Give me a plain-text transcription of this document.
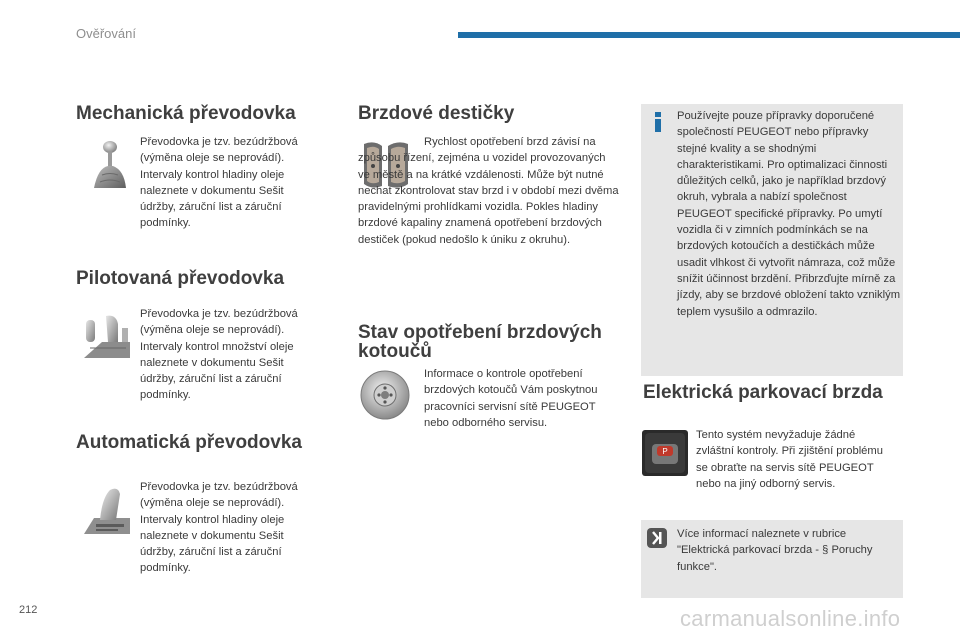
Ověřování
Mechanická převodovka

Převodovka je tzv. bezúdržbová (výměna oleje se neprovádí). Intervaly kontrol hladiny oleje naleznete v dokumentu Sešit údržby, záruční list a záruční podmínky.

Pilotovaná převodovka

Převodovka je tzv. bezúdržbová (výměna oleje se neprovádí). Intervaly kontrol množství oleje naleznete v dokumentu Sešit údržby, záruční list a záruční podmínky.

Automatická převodovka

Převodovka je tzv. bezúdržbová (výměna oleje se neprovádí). Intervaly kontrol hladiny oleje naleznete v dokumentu Sešit údržby, záruční list a záruční podmínky.

Brzdové destičky

Rychlost opotřebení brzd závisí na způsobu řízení, zejména u vozidel provozovaných ve městě a na krátké vzdálenosti. Může být nutné nechat zkontrolovat stav brzd i v období mezi dvěma pravidelnými prohlídkami vozidla. Pokles hladiny brzdové kapaliny znamená opotřebení brzdových destiček (pokud nedošlo k úniku z okruhu).

Stav opotřebení brzdových
kotoučů

Informace o kontrole opotřebení brzdových kotoučů Vám poskytnou pracovníci servisní sítě PEUGEOT nebo odborného servisu.

Používejte pouze přípravky doporučené společností PEUGEOT nebo přípravky stejné kvality a se shodnými charakteristikami. Pro optimalizaci činnosti důležitých celků, jako je například brzdový okruh, vybrala a nabízí společnost PEUGEOT specifické přípravky. Po umytí vozidla či v zimních podmínkách se na brzdových kotoučích a destičkách může usadit vlhkost či vytvořit námraza, což může snížit účinnost brzdění. Přibrzďujte mírně za jízdy, aby se brzdové obložení takto vzniklým teplem vysušilo a odmrazilo.

Elektrická parkovací brzda
P

Tento systém nevyžaduje žádné zvláštní kontroly. Při zjištění problému se obraťte na servis sítě PEUGEOT nebo na jiný odborný servis.

Více informací naleznete v rubrice "Elektrická parkovací brzda - § Poruchy funkce".

212	carmanualsonline.info
